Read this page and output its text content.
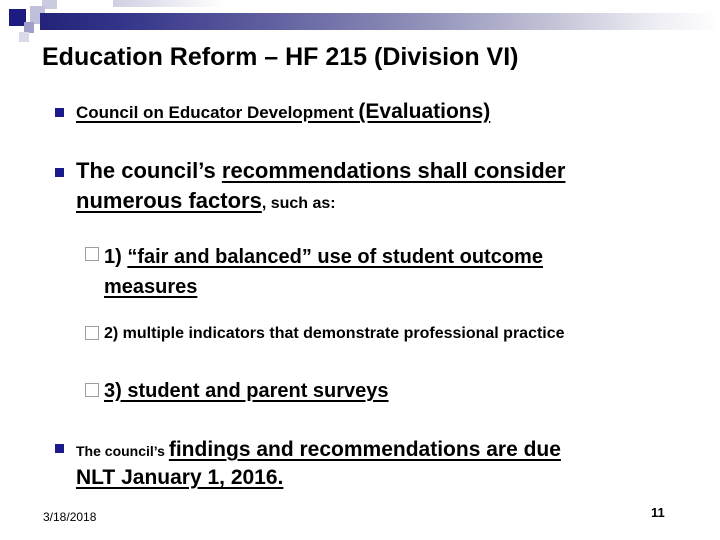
Education Reform – HF 215 (Division VI)
Council on Educator Development (Evaluations)
The council’s recommendations shall consider
numerous factors, such as:
1) “fair and balanced” use of student outcome
measures
2) multiple indicators that demonstrate professional practice
3) student and parent surveys
The council’s findings and recommendations are due
NLT January 1, 2016.
3/18/2018	11
